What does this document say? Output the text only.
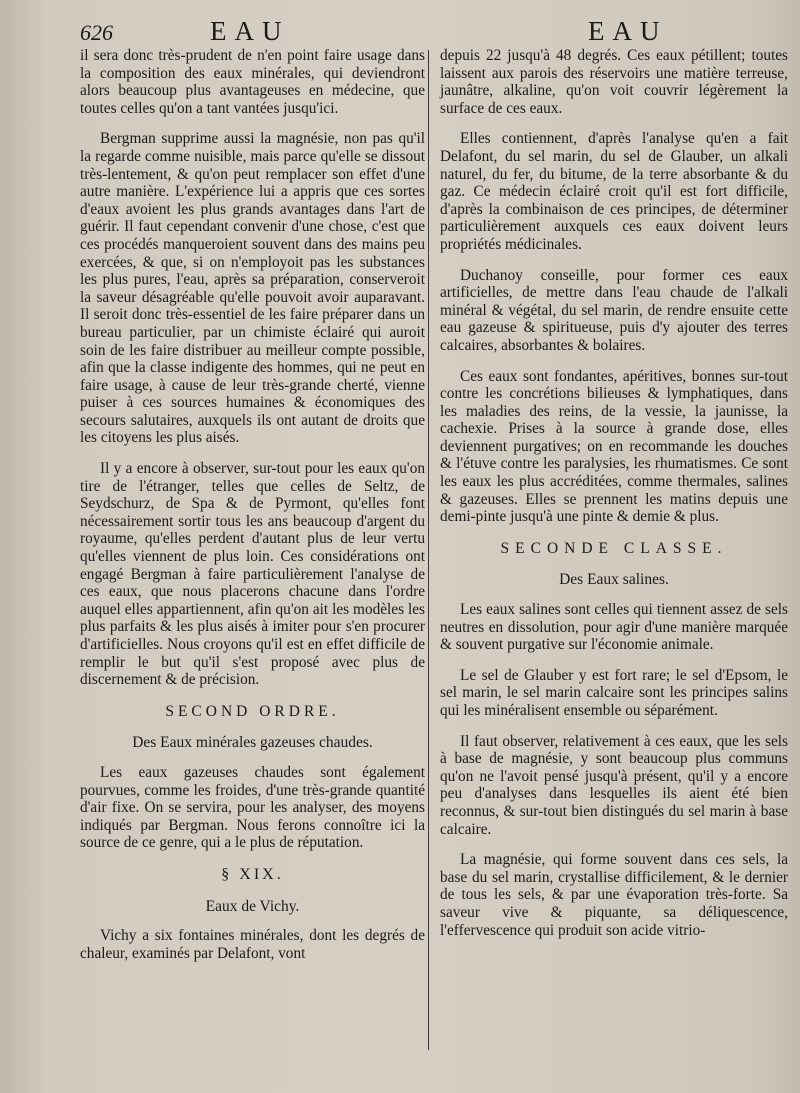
626	EAU	EAU

il sera donc très-prudent de n'en point faire usage dans la composition des eaux minérales, qui deviendront alors beaucoup plus avantageuses en médecine, que toutes celles qu'on a tant vantées jusqu'ici.

Bergman supprime aussi la magnésie, non pas qu'il la regarde comme nuisible, mais parce qu'elle se dissout très-lentement, & qu'on peut remplacer son effet d'une autre manière. L'expérience lui a appris que ces sortes d'eaux avoient les plus grands avantages dans l'art de guérir. Il faut cependant convenir d'une chose, c'est que ces procédés manqueroient souvent dans des mains peu exercées, & que, si on n'employoit pas les substances les plus pures, l'eau, après sa préparation, conserveroit la saveur désagréable qu'elle pouvoit avoir auparavant. Il seroit donc très-essentiel de les faire préparer dans un bureau particulier, par un chimiste éclairé qui auroit soin de les faire distribuer au meilleur compte possible, afin que la classe indigente des hommes, qui ne peut en faire usage, à cause de leur très-grande cherté, vienne puiser à ces sources humaines & économiques des secours salutaires, auxquels ils ont autant de droits que les citoyens les plus aisés.

Il y a encore à observer, sur-tout pour les eaux qu'on tire de l'étranger, telles que celles de Seltz, de Seydschurz, de Spa & de Pyrmont, qu'elles font nécessairement sortir tous les ans beaucoup d'argent du royaume, qu'elles perdent d'autant plus de leur vertu qu'elles viennent de plus loin. Ces considérations ont engagé Bergman à faire particulièrement l'analyse de ces eaux, que nous placerons chacune dans l'ordre auquel elles appartiennent, afin qu'on ait les modèles les plus parfaits & les plus aisés à imiter pour s'en procurer d'artificielles. Nous croyons qu'il est en effet difficile de remplir le but qu'il s'est proposé avec plus de discernement & de précision.

SECOND ORDRE.
Des Eaux minérales gazeuses chaudes.

Les eaux gazeuses chaudes sont également pourvues, comme les froides, d'une très-grande quantité d'air fixe. On se servira, pour les analyser, des moyens indiqués par Bergman. Nous ferons connoître ici la source de ce genre, qui a le plus de réputation.

§ XIX.
Eaux de Vichy.

Vichy a six fontaines minérales, dont les degrés de chaleur, examinés par Delafont, vont

depuis 22 jusqu'à 48 degrés. Ces eaux pétillent; toutes laissent aux parois des réservoirs une matière terreuse, jaunâtre, alkaline, qu'on voit couvrir légèrement la surface de ces eaux.

Elles contiennent, d'après l'analyse qu'en a fait Delafont, du sel marin, du sel de Glauber, un alkali naturel, du fer, du bitume, de la terre absorbante & du gaz. Ce médecin éclairé croit qu'il est fort difficile, d'après la combinaison de ces principes, de déterminer particulièrement auxquels ces eaux doivent leurs propriétés médicinales.

Duchanoy conseille, pour former ces eaux artificielles, de mettre dans l'eau chaude de l'alkali minéral & végétal, du sel marin, de rendre ensuite cette eau gazeuse & spiritueuse, puis d'y ajouter des terres calcaires, absorbantes & bolaires.

Ces eaux sont fondantes, apéritives, bonnes sur-tout contre les concrétions bilieuses & lymphatiques, dans les maladies des reins, de la vessie, la jaunisse, la cachexie. Prises à la source à grande dose, elles deviennent purgatives; on en recommande les douches & l'étuve contre les paralysies, les rhumatismes. Ce sont les eaux les plus accréditées, comme thermales, salines & gazeuses. Elles se prennent les matins depuis une demi-pinte jusqu'à une pinte & demie & plus.

SECONDE CLASSE.
Des Eaux salines.

Les eaux salines sont celles qui tiennent assez de sels neutres en dissolution, pour agir d'une manière marquée & souvent purgative sur l'économie animale.

Le sel de Glauber y est fort rare; le sel d'Epsom, le sel marin, le sel marin calcaire sont les principes salins qui les minéralisent ensemble ou séparément.

Il faut observer, relativement à ces eaux, que les sels à base de magnésie, y sont beaucoup plus communs qu'on ne l'avoit pensé jusqu'à présent, qu'il y a encore peu d'analyses dans lesquelles ils aient été bien reconnus, & sur-tout bien distingués du sel marin à base calcaire.

La magnésie, qui forme souvent dans ces sels, la base du sel marin, crystallise difficilement, & le dernier de tous les sels, & par une évaporation très-forte. Sa saveur vive & piquante, sa déliquescence, l'effervescence qui produit son acide vitrio-
